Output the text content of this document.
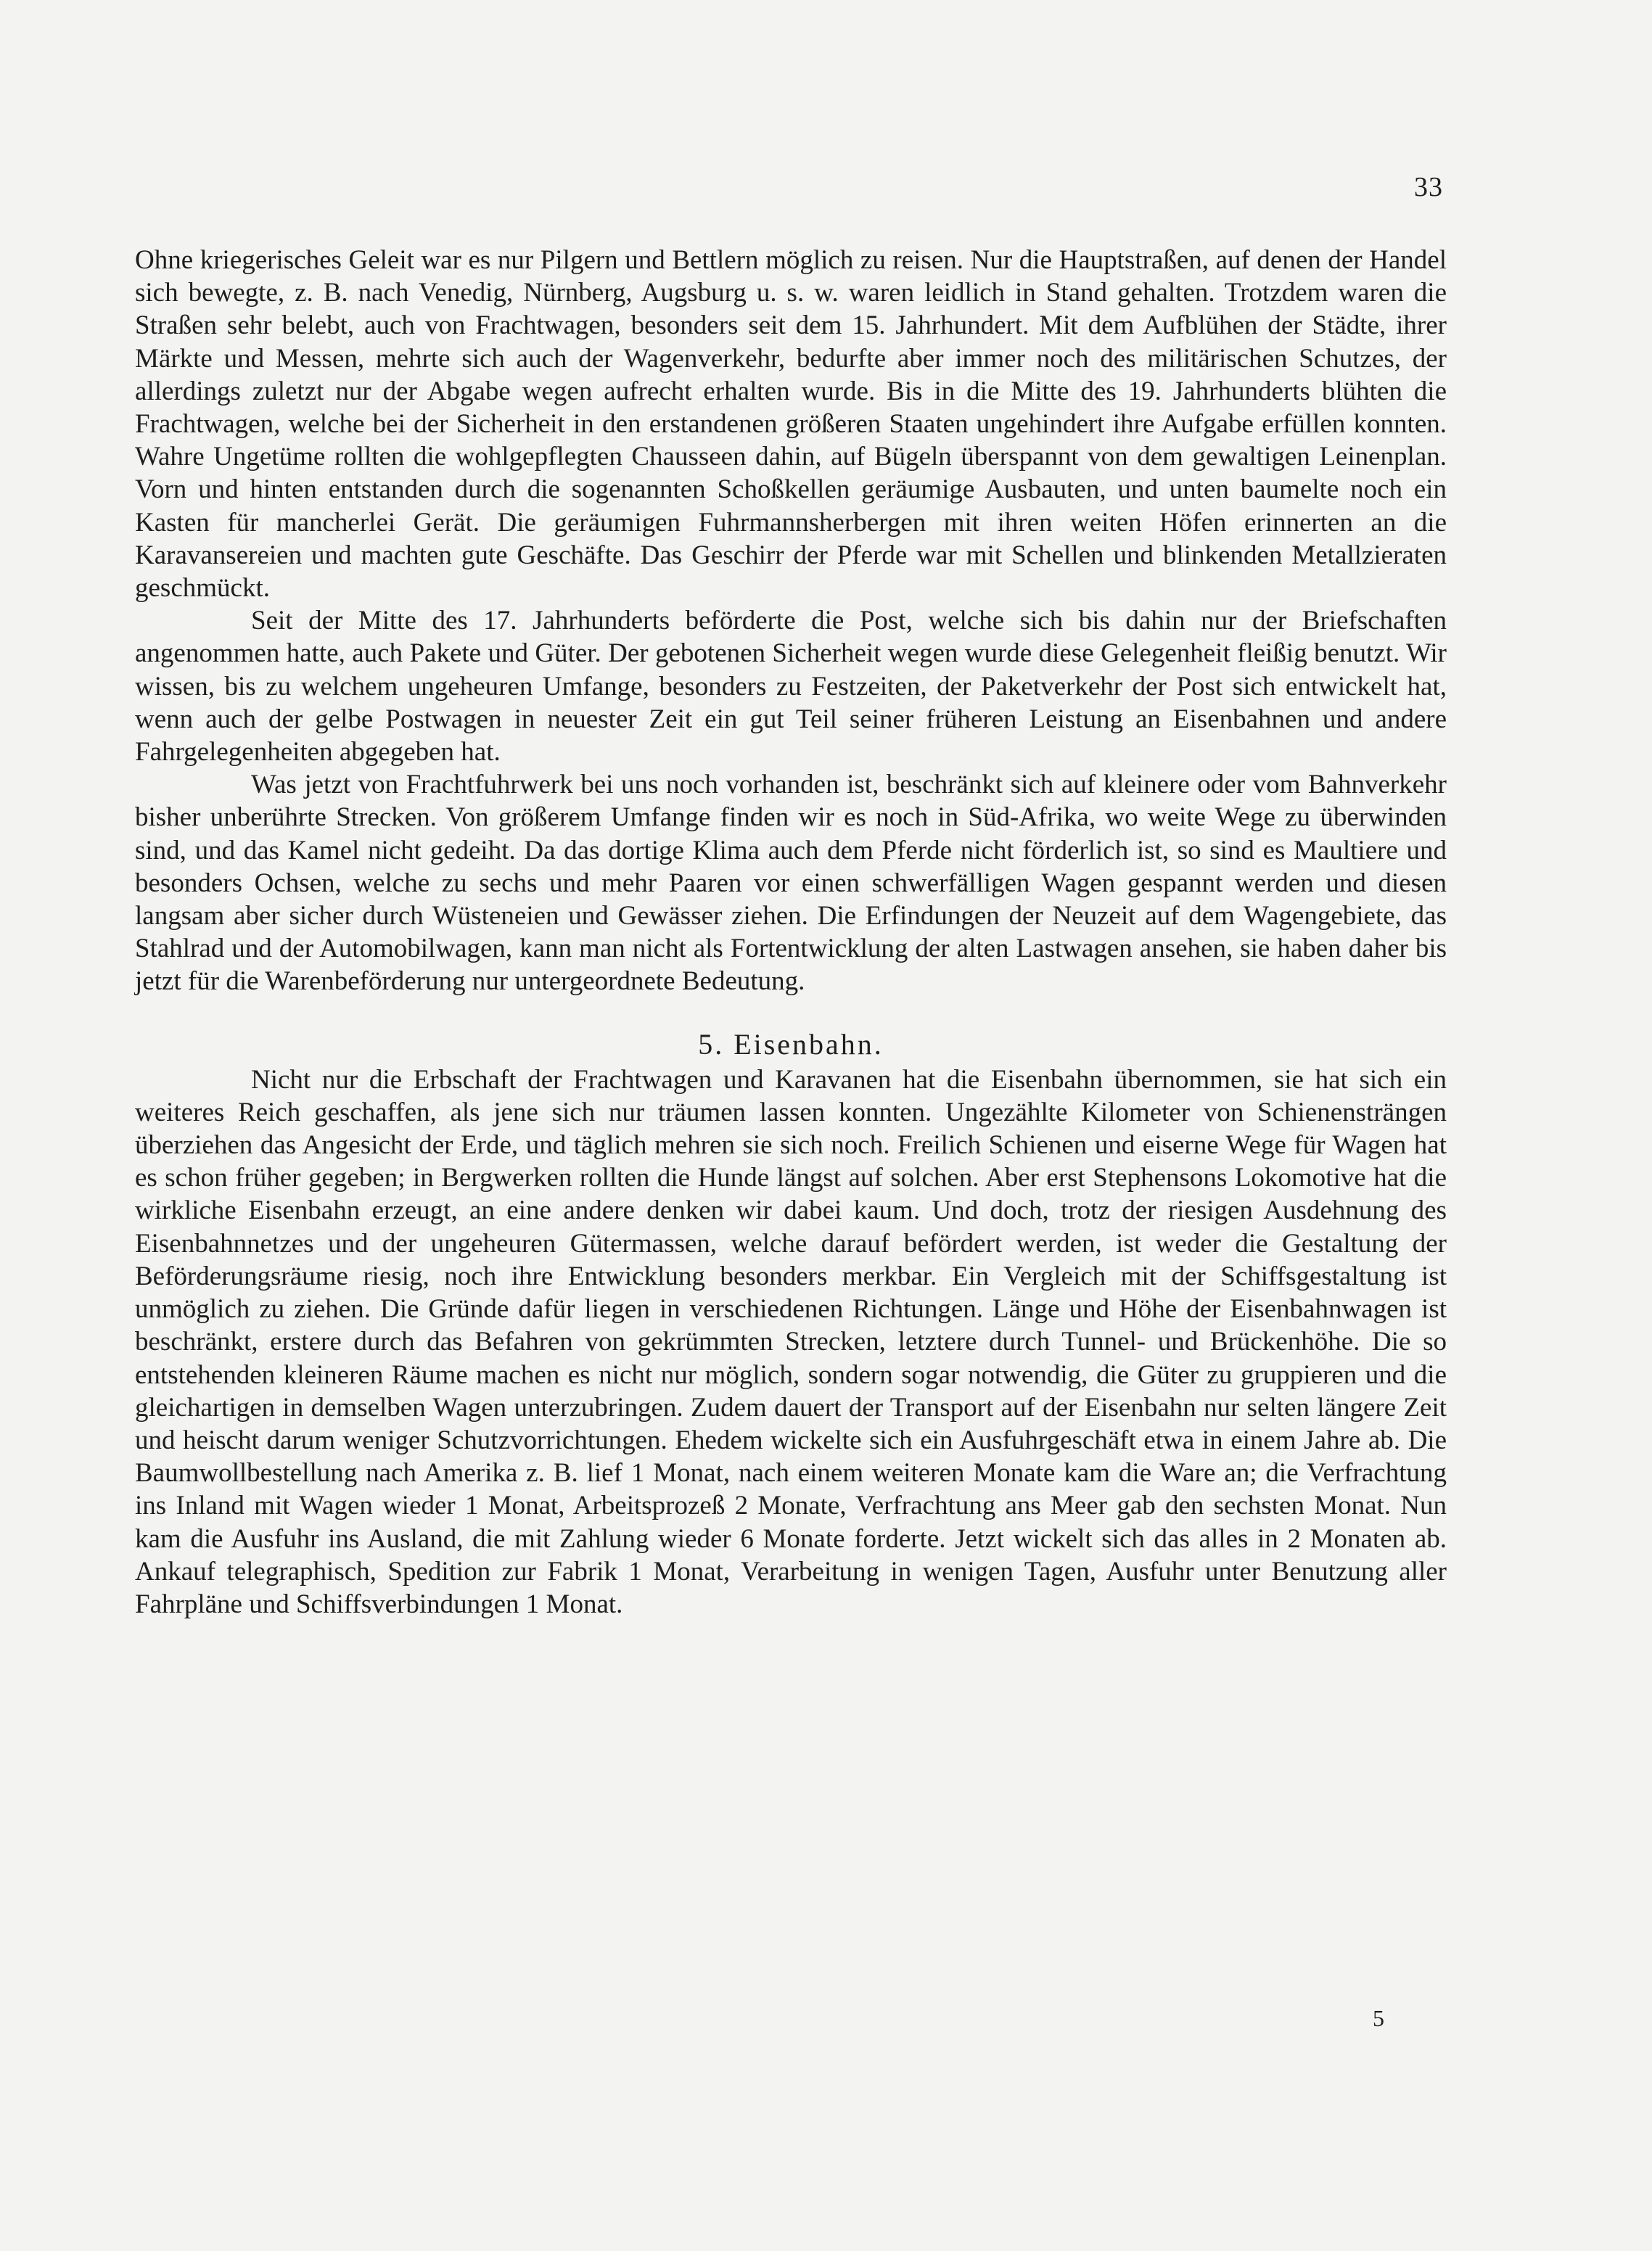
33

Ohne kriegerisches Geleit war es nur Pilgern und Bettlern möglich zu reisen. Nur die Hauptstraßen, auf denen der Handel sich bewegte, z. B. nach Venedig, Nürnberg, Augsburg u. s. w. waren leidlich in Stand gehalten. Trotzdem waren die Straßen sehr belebt, auch von Frachtwagen, besonders seit dem 15. Jahrhundert. Mit dem Aufblühen der Städte, ihrer Märkte und Messen, mehrte sich auch der Wagenverkehr, bedurfte aber immer noch des militärischen Schutzes, der allerdings zuletzt nur der Abgabe wegen aufrecht erhalten wurde. Bis in die Mitte des 19. Jahrhunderts blühten die Frachtwagen, welche bei der Sicherheit in den erstandenen größeren Staaten ungehindert ihre Aufgabe erfüllen konnten. Wahre Ungetüme rollten die wohlgepflegten Chausseen dahin, auf Bügeln überspannt von dem gewaltigen Leinenplan. Vorn und hinten entstanden durch die sogenannten Schoßkellen geräumige Ausbauten, und unten baumelte noch ein Kasten für mancherlei Gerät. Die geräumigen Fuhrmannsherbergen mit ihren weiten Höfen erinnerten an die Karavansereien und machten gute Geschäfte. Das Geschirr der Pferde war mit Schellen und blinkenden Metallzieraten geschmückt.

Seit der Mitte des 17. Jahrhunderts beförderte die Post, welche sich bis dahin nur der Briefschaften angenommen hatte, auch Pakete und Güter. Der gebotenen Sicherheit wegen wurde diese Gelegenheit fleißig benutzt. Wir wissen, bis zu welchem ungeheuren Umfange, besonders zu Festzeiten, der Paketverkehr der Post sich entwickelt hat, wenn auch der gelbe Postwagen in neuester Zeit ein gut Teil seiner früheren Leistung an Eisenbahnen und andere Fahrgelegenheiten abgegeben hat.

Was jetzt von Frachtfuhrwerk bei uns noch vorhanden ist, beschränkt sich auf kleinere oder vom Bahnverkehr bisher unberührte Strecken. Von größerem Umfange finden wir es noch in Süd-Afrika, wo weite Wege zu überwinden sind, und das Kamel nicht gedeiht. Da das dortige Klima auch dem Pferde nicht förderlich ist, so sind es Maultiere und besonders Ochsen, welche zu sechs und mehr Paaren vor einen schwerfälligen Wagen gespannt werden und diesen langsam aber sicher durch Wüsteneien und Gewässer ziehen. Die Erfindungen der Neuzeit auf dem Wagengebiete, das Stahlrad und der Automobilwagen, kann man nicht als Fortentwicklung der alten Lastwagen ansehen, sie haben daher bis jetzt für die Warenbeförderung nur untergeordnete Bedeutung.

5. Eisenbahn.

Nicht nur die Erbschaft der Frachtwagen und Karavanen hat die Eisenbahn übernommen, sie hat sich ein weiteres Reich geschaffen, als jene sich nur träumen lassen konnten. Ungezählte Kilometer von Schienensträngen überziehen das Angesicht der Erde, und täglich mehren sie sich noch. Freilich Schienen und eiserne Wege für Wagen hat es schon früher gegeben; in Bergwerken rollten die Hunde längst auf solchen. Aber erst Stephensons Lokomotive hat die wirkliche Eisenbahn erzeugt, an eine andere denken wir dabei kaum. Und doch, trotz der riesigen Ausdehnung des Eisenbahnnetzes und der ungeheuren Gütermassen, welche darauf befördert werden, ist weder die Gestaltung der Beförderungsräume riesig, noch ihre Entwicklung besonders merkbar. Ein Vergleich mit der Schiffsgestaltung ist unmöglich zu ziehen. Die Gründe dafür liegen in verschiedenen Richtungen. Länge und Höhe der Eisenbahnwagen ist beschränkt, erstere durch das Befahren von gekrümmten Strecken, letztere durch Tunnel- und Brückenhöhe. Die so entstehenden kleineren Räume machen es nicht nur möglich, sondern sogar notwendig, die Güter zu gruppieren und die gleichartigen in demselben Wagen unterzubringen. Zudem dauert der Transport auf der Eisenbahn nur selten längere Zeit und heischt darum weniger Schutzvorrichtungen. Ehedem wickelte sich ein Ausfuhrgeschäft etwa in einem Jahre ab. Die Baumwollbestellung nach Amerika z. B. lief 1 Monat, nach einem weiteren Monate kam die Ware an; die Verfrachtung ins Inland mit Wagen wieder 1 Monat, Arbeitsprozeß 2 Monate, Verfrachtung ans Meer gab den sechsten Monat. Nun kam die Ausfuhr ins Ausland, die mit Zahlung wieder 6 Monate forderte. Jetzt wickelt sich das alles in 2 Monaten ab. Ankauf telegraphisch, Spedition zur Fabrik 1 Monat, Verarbeitung in wenigen Tagen, Ausfuhr unter Benutzung aller Fahrpläne und Schiffsverbindungen 1 Monat.

5
